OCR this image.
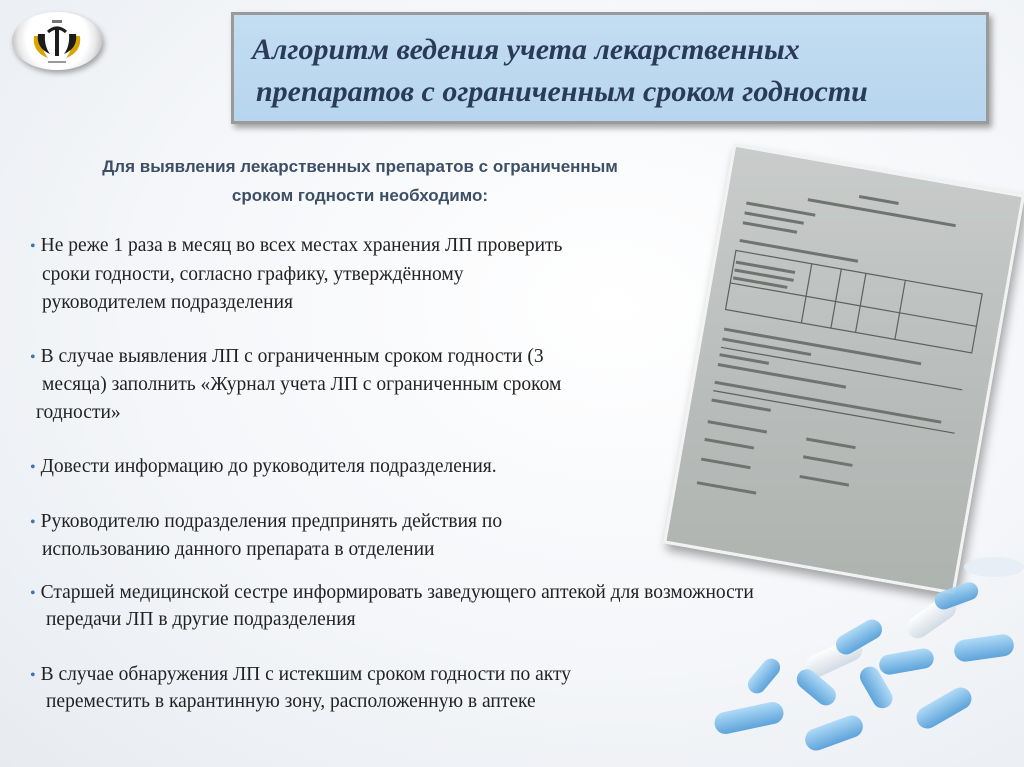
Алгоритм ведения учета лекарственных
препаратов с ограниченным сроком годности
Для выявления лекарственных препаратов с ограниченным
сроком годности необходимо:
• Не реже 1 раза в месяц во всех местах хранения ЛП проверить
сроки годности, согласно графику, утверждённому
руководителем подразделения
• В случае выявления ЛП с ограниченным сроком годности (3
месяца) заполнить «Журнал учета ЛП с ограниченным сроком
годности»
• Довести информацию до руководителя подразделения.
• Руководителю подразделения предпринять действия по
использованию данного препарата в отделении
• Старшей медицинской сестре информировать заведующего аптекой для возможности
передачи ЛП в другие подразделения
• В случае обнаружения ЛП с истекшим сроком годности по акту
переместить в карантинную зону, расположенную в аптеке
